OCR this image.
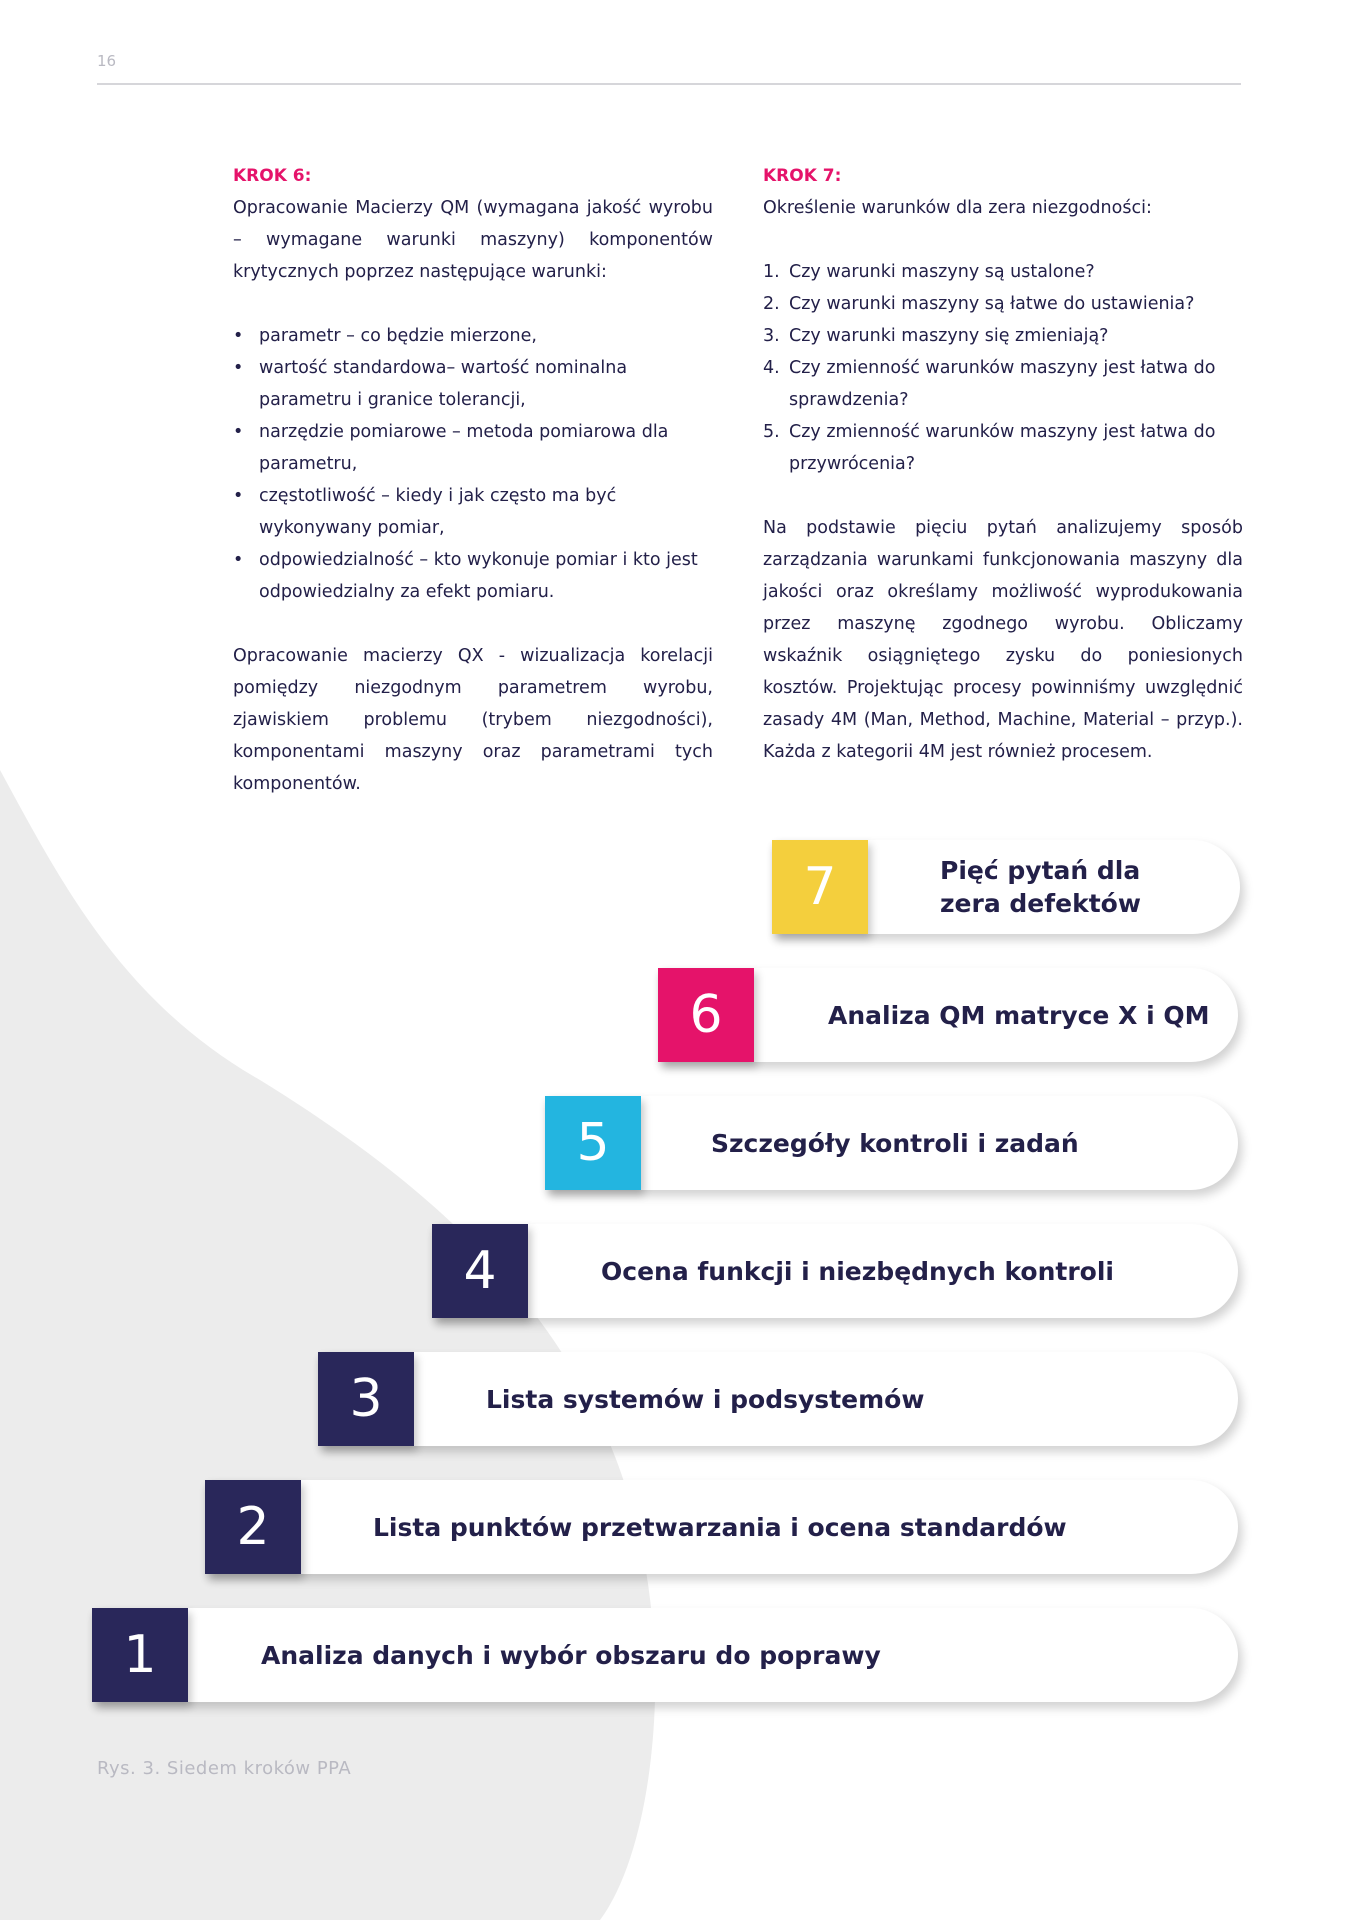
16
KROK 6:

Opracowanie Macierzy QM (wymagana jakość wyrobu – wymagane warunki maszyny) komponentów krytycznych poprzez następujące warunki:

• parametr – co będzie mierzone,
• wartość standardowa– wartość nominalna parametru i granice tolerancji,
• narzędzie pomiarowe – metoda pomiarowa dla parametru,
• częstotliwość – kiedy i jak często ma być wykonywany pomiar,
• odpowiedzialność – kto wykonuje pomiar i kto jest odpowiedzialny za efekt pomiaru.

Opracowanie macierzy QX - wizualizacja korelacji pomiędzy niezgodnym parametrem wyrobu, zjawiskiem problemu (trybem niezgodności), komponentami maszyny oraz parametrami tych komponentów.

KROK 7:

Określenie warunków dla zera niezgodności:

1. Czy warunki maszyny są ustalone?
2. Czy warunki maszyny są łatwe do ustawienia?
3. Czy warunki maszyny się zmieniają?
4. Czy zmienność warunków maszyny jest łatwa do sprawdzenia?
5. Czy zmienność warunków maszyny jest łatwa do przywrócenia?

Na podstawie pięciu pytań analizujemy sposób zarządzania warunkami funkcjonowania maszyny dla jakości oraz określamy możliwość wyprodukowania przez maszynę zgodnego wyrobu. Obliczamy wskaźnik osiągniętego zysku do poniesionych kosztów. Projektując procesy powinniśmy uwzględnić zasady 4M (Man, Method, Machine, Material – przyp.). Każda z kategorii 4M jest również procesem.

7	Pięć pytań dla
zera defektów
6	Analiza QM matryce X i QM
5	Szczegóły kontroli i zadań
4	Ocena funkcji i niezbędnych kontroli
3	Lista systemów i podsystemów
2	Lista punktów przetwarzania i ocena standardów
1	Analiza danych i wybór obszaru do poprawy
Rys. 3. Siedem kroków PPA
